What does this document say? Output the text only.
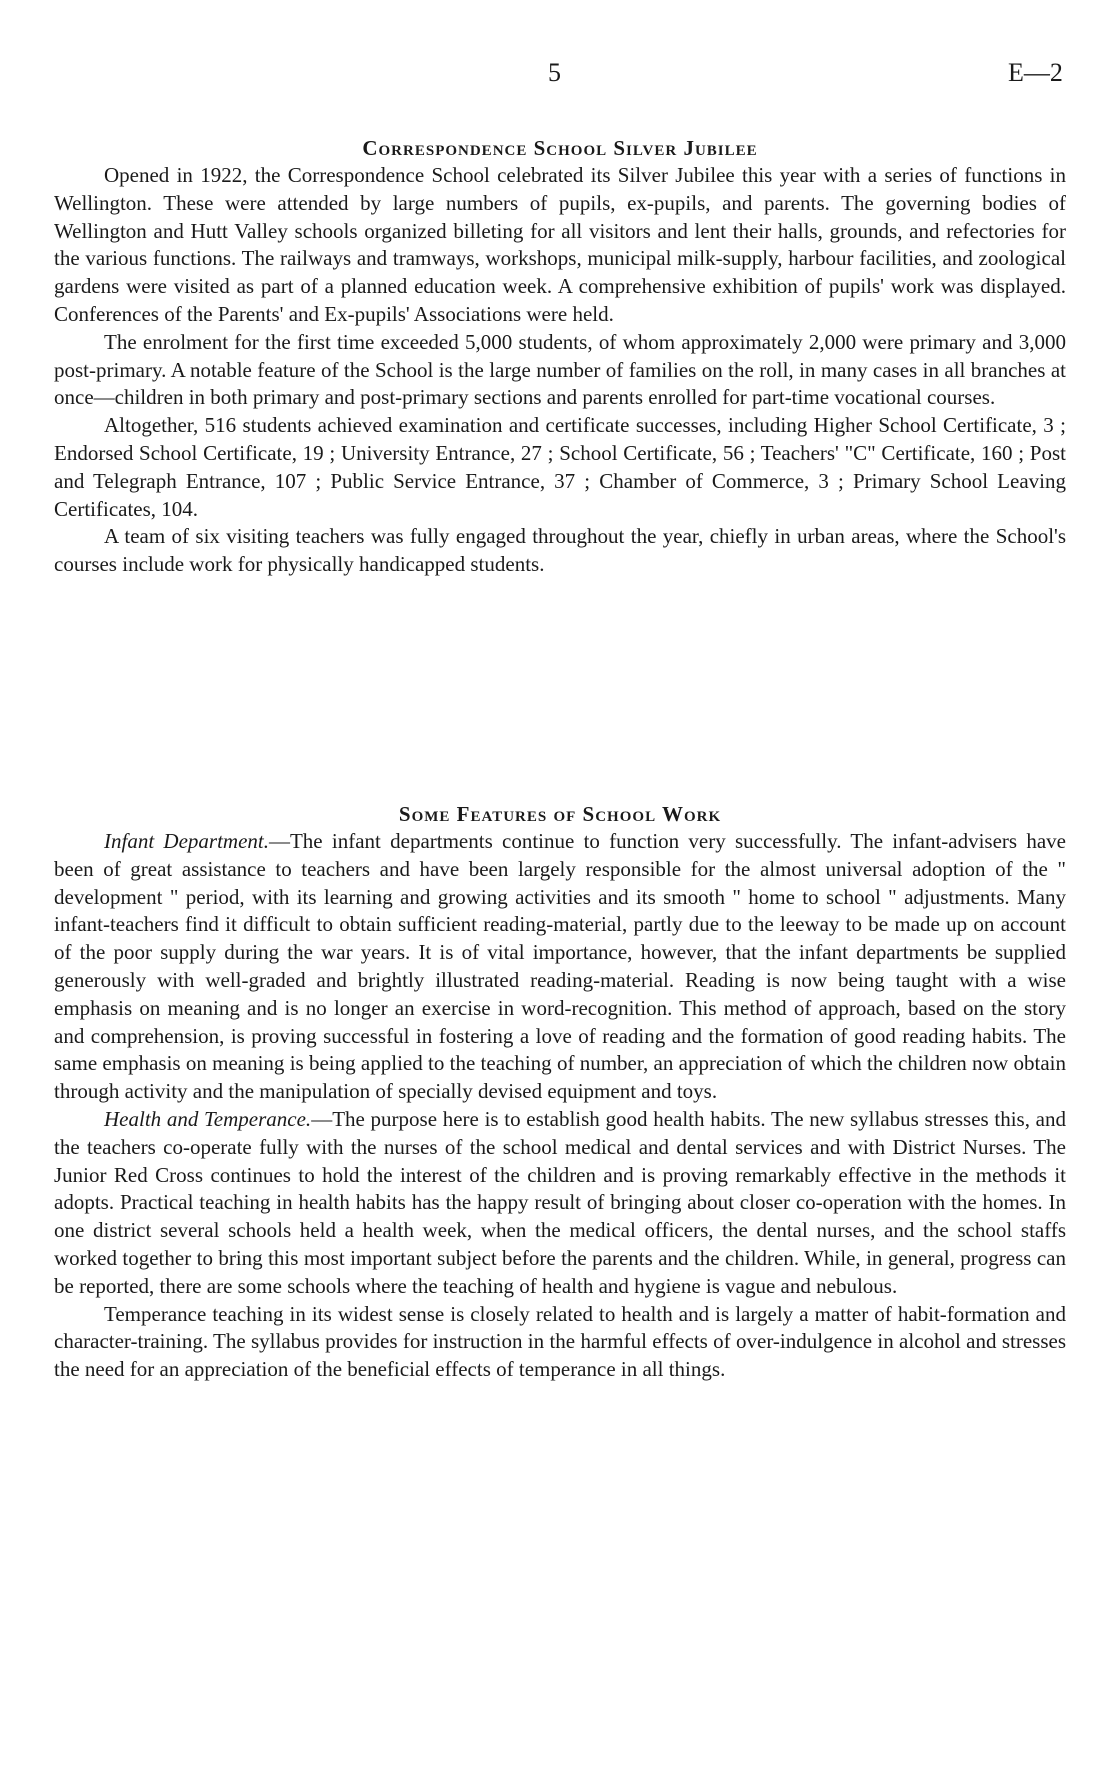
5	E—2
Correspondence School Silver Jubilee

Opened in 1922, the Correspondence School celebrated its Silver Jubilee this year with a series of functions in Wellington. These were attended by large numbers of pupils, ex-pupils, and parents. The governing bodies of Wellington and Hutt Valley schools organized billeting for all visitors and lent their halls, grounds, and refectories for the various functions. The railways and tramways, workshops, municipal milk-supply, harbour facilities, and zoological gardens were visited as part of a planned education week. A comprehensive exhibition of pupils' work was displayed. Conferences of the Parents' and Ex-pupils' Associations were held.

The enrolment for the first time exceeded 5,000 students, of whom approximately 2,000 were primary and 3,000 post-primary. A notable feature of the School is the large number of families on the roll, in many cases in all branches at once—children in both primary and post-primary sections and parents enrolled for part-time vocational courses.

Altogether, 516 students achieved examination and certificate successes, including Higher School Certificate, 3 ; Endorsed School Certificate, 19 ; University Entrance, 27 ; School Certificate, 56 ; Teachers' "C" Certificate, 160 ; Post and Telegraph Entrance, 107 ; Public Service Entrance, 37 ; Chamber of Commerce, 3 ; Primary School Leaving Certificates, 104.

A team of six visiting teachers was fully engaged throughout the year, chiefly in urban areas, where the School's courses include work for physically handicapped students.

Some Features of School Work

Infant Department.—The infant departments continue to function very successfully. The infant-advisers have been of great assistance to teachers and have been largely responsible for the almost universal adoption of the " development " period, with its learning and growing activities and its smooth " home to school " adjustments. Many infant-teachers find it difficult to obtain sufficient reading-material, partly due to the leeway to be made up on account of the poor supply during the war years. It is of vital importance, however, that the infant departments be supplied generously with well-graded and brightly illustrated reading-material. Reading is now being taught with a wise emphasis on meaning and is no longer an exercise in word-recognition. This method of approach, based on the story and comprehension, is proving successful in fostering a love of reading and the formation of good reading habits. The same emphasis on meaning is being applied to the teaching of number, an appreciation of which the children now obtain through activity and the manipulation of specially devised equipment and toys.

Health and Temperance.—The purpose here is to establish good health habits. The new syllabus stresses this, and the teachers co-operate fully with the nurses of the school medical and dental services and with District Nurses. The Junior Red Cross continues to hold the interest of the children and is proving remarkably effective in the methods it adopts. Practical teaching in health habits has the happy result of bringing about closer co-operation with the homes. In one district several schools held a health week, when the medical officers, the dental nurses, and the school staffs worked together to bring this most important subject before the parents and the children. While, in general, progress can be reported, there are some schools where the teaching of health and hygiene is vague and nebulous.

Temperance teaching in its widest sense is closely related to health and is largely a matter of habit-formation and character-training. The syllabus provides for instruction in the harmful effects of over-indulgence in alcohol and stresses the need for an appreciation of the beneficial effects of temperance in all things.
